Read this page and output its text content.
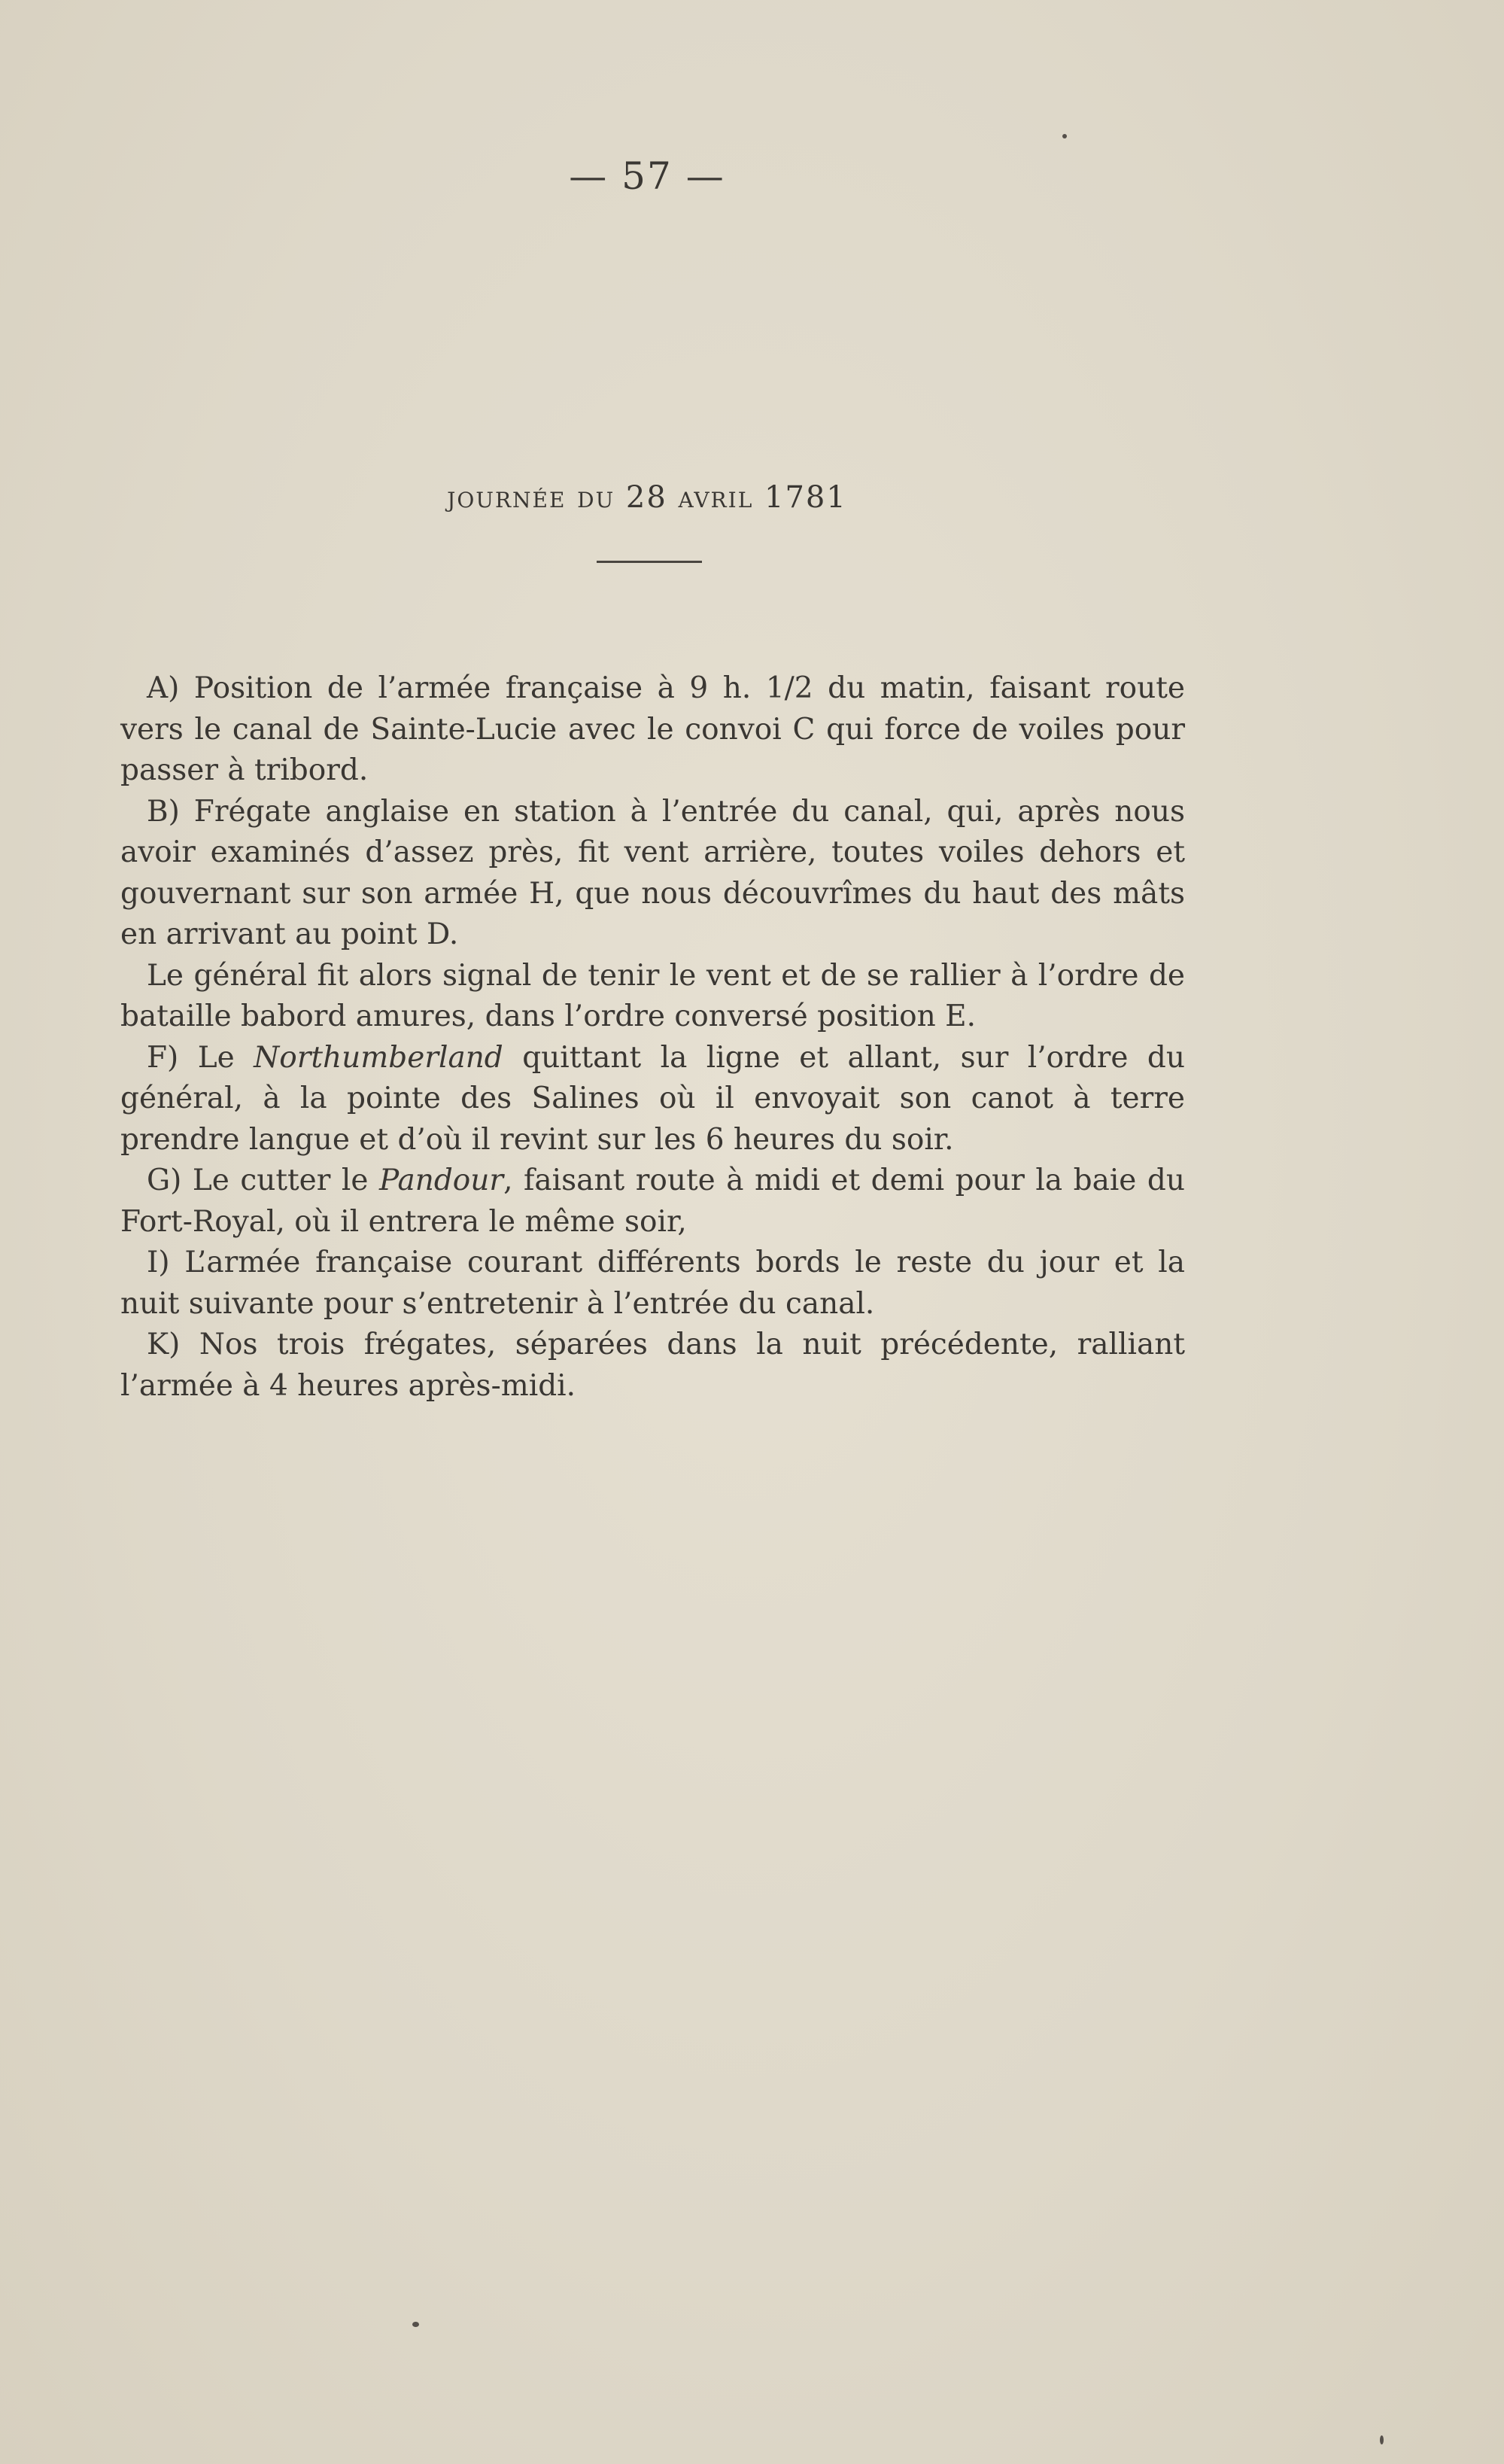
— 57 —
journée du 28 avril 1781

A) Position de l’armée française à 9 h. 1/2 du matin, faisant route vers le canal de Sainte-Lucie avec le convoi C qui force de voiles pour passer à tribord.

B) Frégate anglaise en station à l’entrée du canal, qui, après nous avoir examinés d’assez près, fit vent arrière, toutes voiles dehors et gouvernant sur son armée H, que nous découvrîmes du haut des mâts en arrivant au point D.

Le général fit alors signal de tenir le vent et de se rallier à l’ordre de bataille babord amures, dans l’ordre conversé position E.

F) Le Northumberland quittant la ligne et allant, sur l’ordre du général, à la pointe des Salines où il envoyait son canot à terre prendre langue et d’où il revint sur les 6 heures du soir.

G) Le cutter le Pandour, faisant route à midi et demi pour la baie du Fort-Royal, où il entrera le même soir,

I) L’armée française courant différents bords le reste du jour et la nuit suivante pour s’entretenir à l’entrée du canal.

K) Nos trois frégates, séparées dans la nuit précédente, ralliant l’armée à 4 heures après-midi.
